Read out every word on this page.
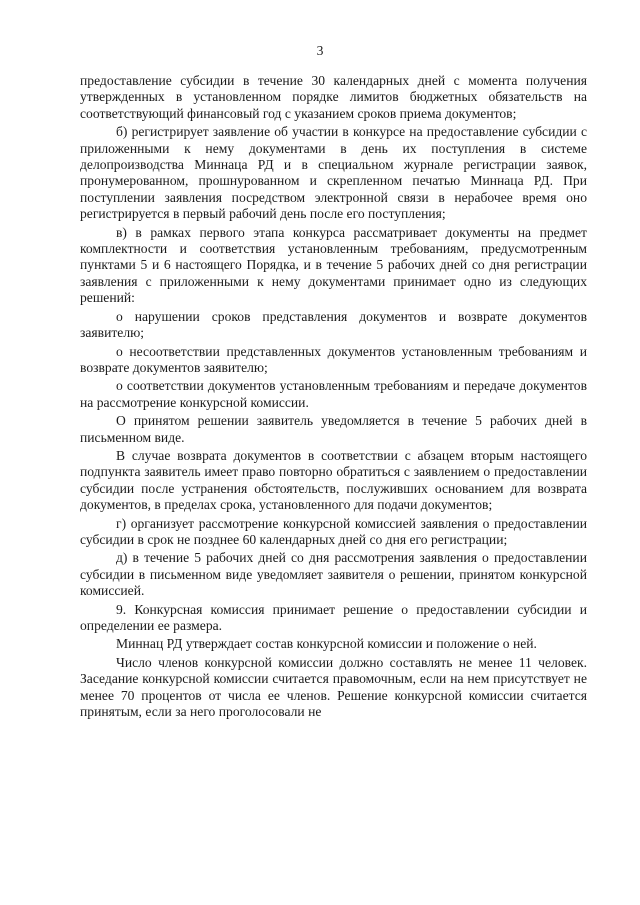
3

предоставление субсидии в течение 30 календарных дней с момента получения утвержденных в установленном порядке лимитов бюджетных обязательств на соответствующий финансовый год с указанием сроков приема документов;

б) регистрирует заявление об участии в конкурсе на предоставление субсидии с приложенными к нему документами в день их поступления в системе делопроизводства Миннаца РД и в специальном журнале регистрации заявок, пронумерованном, прошнурованном и скрепленном печатью Миннаца РД. При поступлении заявления посредством электронной связи в нерабочее время оно регистрируется в первый рабочий день после его поступления;

в) в рамках первого этапа конкурса рассматривает документы на предмет комплектности и соответствия установленным требованиям, предусмотренным пунктами 5 и 6 настоящего Порядка, и в течение 5 рабочих дней со дня регистрации заявления с приложенными к нему документами принимает одно из следующих решений:

о нарушении сроков представления документов и возврате документов заявителю;

о несоответствии представленных документов установленным требованиям и возврате документов заявителю;

о соответствии документов установленным требованиям и передаче документов на рассмотрение конкурсной комиссии.

О принятом решении заявитель уведомляется в течение 5 рабочих дней в письменном виде.

В случае возврата документов в соответствии с абзацем вторым настоящего подпункта заявитель имеет право повторно обратиться с заявлением о предоставлении субсидии после устранения обстоятельств, послуживших основанием для возврата документов, в пределах срока, установленного для подачи документов;

г) организует рассмотрение конкурсной комиссией заявления о предоставлении субсидии в срок не позднее 60 календарных дней со дня его регистрации;

д) в течение 5 рабочих дней со дня рассмотрения заявления о предоставлении субсидии в письменном виде уведомляет заявителя о решении, принятом конкурсной комиссией.

9. Конкурсная комиссия принимает решение о предоставлении субсидии и определении ее размера.

Миннац РД утверждает состав конкурсной комиссии и положение о ней.

Число членов конкурсной комиссии должно составлять не менее 11 человек. Заседание конкурсной комиссии считается правомочным, если на нем присутствует не менее 70 процентов от числа ее членов. Решение конкурсной комиссии считается принятым, если за него проголосовали не
